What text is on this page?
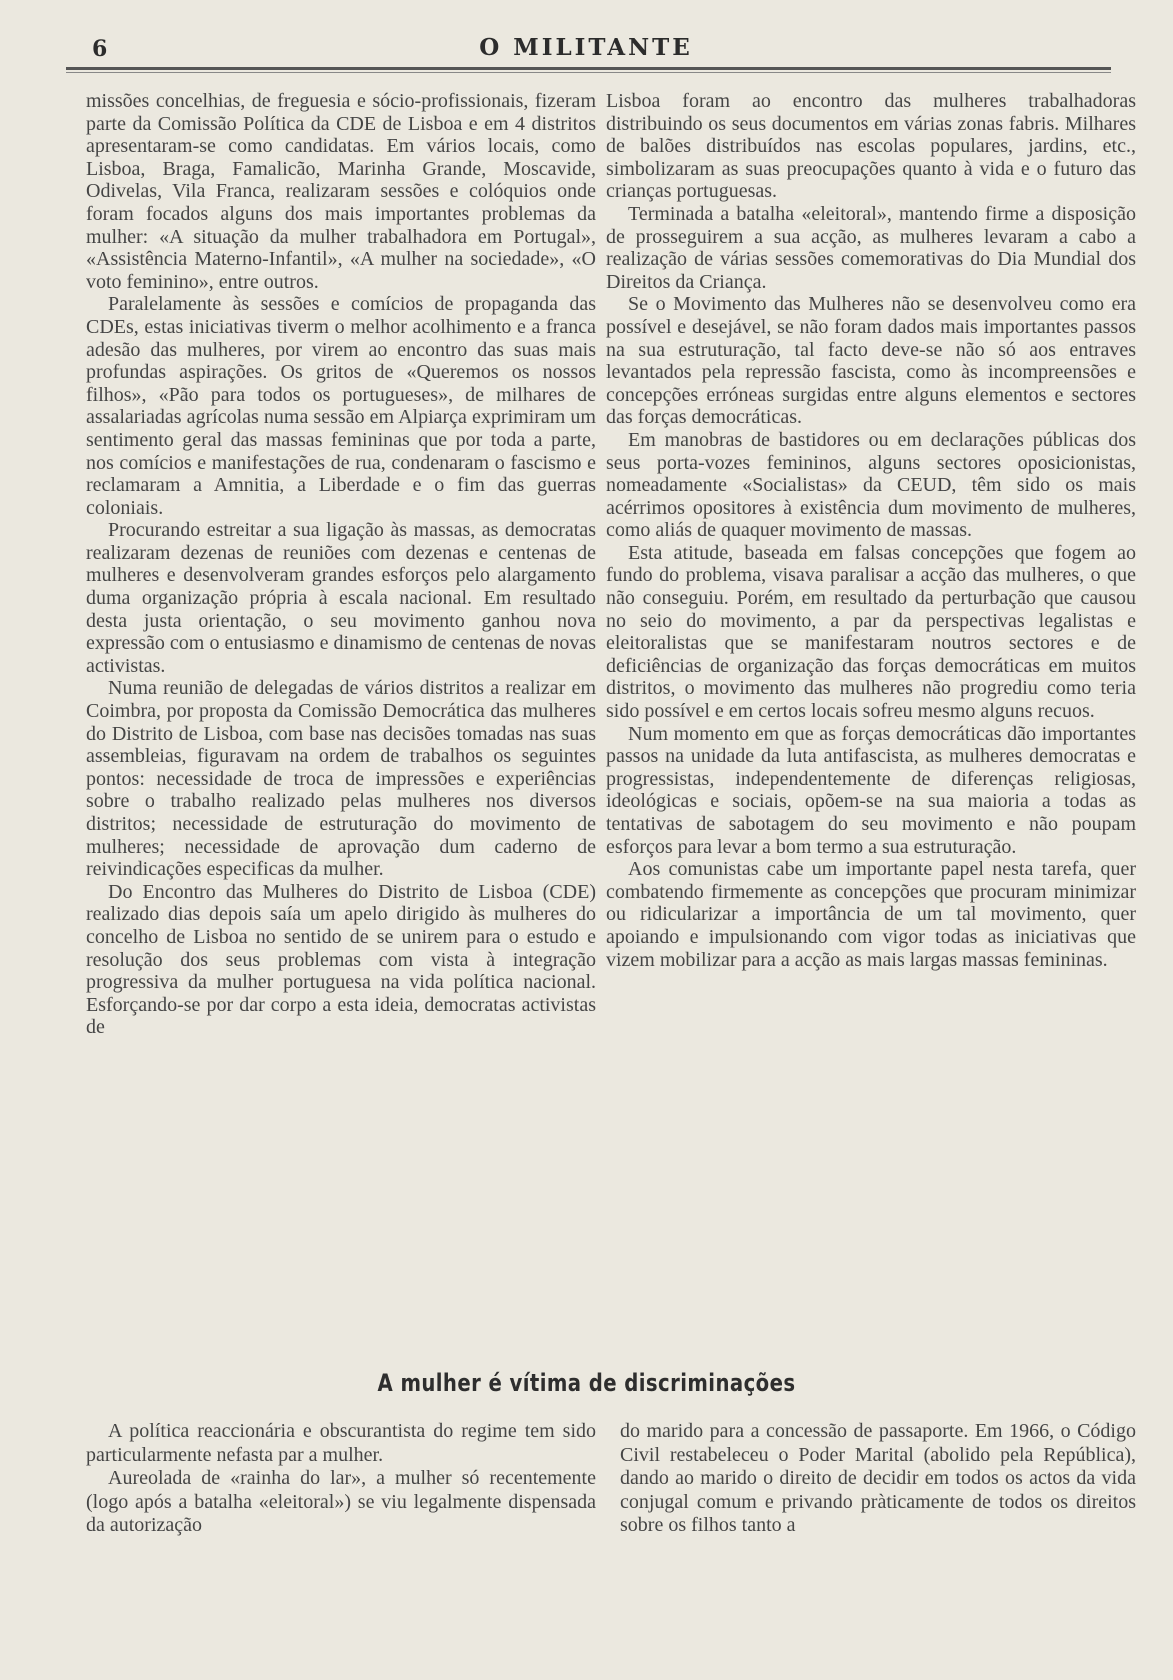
6	O MILITANTE

missões concelhias, de freguesia e sócio-profissionais, fizeram parte da Comissão Política da CDE de Lisboa e em 4 distritos apresentaram-se como candidatas. Em vários locais, como Lisboa, Braga, Famalicão, Marinha Grande, Moscavide, Odivelas, Vila Franca, realizaram sessões e colóquios onde foram focados alguns dos mais importantes problemas da mulher: «A situação da mulher trabalhadora em Portugal», «Assistência Materno-Infantil», «A mulher na sociedade», «O voto feminino», entre outros.

Paralelamente às sessões e comícios de propaganda das CDEs, estas iniciativas tiverm o melhor acolhimento e a franca adesão das mulheres, por virem ao encontro das suas mais profundas aspirações. Os gritos de «Queremos os nossos filhos», «Pão para todos os portugueses», de milhares de assalariadas agrícolas numa sessão em Alpiarça exprimiram um sentimento geral das massas femininas que por toda a parte, nos comícios e manifestações de rua, condenaram o fascismo e reclamaram a Amnitia, a Liberdade e o fim das guerras coloniais.

Procurando estreitar a sua ligação às massas, as democratas realizaram dezenas de reuniões com dezenas e centenas de mulheres e desenvolveram grandes esforços pelo alargamento duma organização própria à escala nacional. Em resultado desta justa orientação, o seu movimento ganhou nova expressão com o entusiasmo e dinamismo de centenas de novas activistas.

Numa reunião de delegadas de vários distritos a realizar em Coimbra, por proposta da Comissão Democrática das mulheres do Distrito de Lisboa, com base nas decisões tomadas nas suas assembleias, figuravam na ordem de trabalhos os seguintes pontos: necessidade de troca de impressões e experiências sobre o trabalho realizado pelas mulheres nos diversos distritos; necessidade de estruturação do movimento de mulheres; necessidade de aprovação dum caderno de reivindicações especificas da mulher.

Do Encontro das Mulheres do Distrito de Lisboa (CDE) realizado dias depois saía um apelo dirigido às mulheres do concelho de Lisboa no sentido de se unirem para o estudo e resolução dos seus problemas com vista à integração progressiva da mulher portuguesa na vida política nacional. Esforçando-se por dar corpo a esta ideia, democratas activistas de

Lisboa foram ao encontro das mulheres trabalhadoras distribuindo os seus documentos em várias zonas fabris. Milhares de balões distribuídos nas escolas populares, jardins, etc., simbolizaram as suas preocupações quanto à vida e o futuro das crianças portuguesas.

Terminada a batalha «eleitoral», mantendo firme a disposição de prosseguirem a sua acção, as mulheres levaram a cabo a realização de várias sessões comemorativas do Dia Mundial dos Direitos da Criança.

Se o Movimento das Mulheres não se desenvolveu como era possível e desejável, se não foram dados mais importantes passos na sua estruturação, tal facto deve-se não só aos entraves levantados pela repressão fascista, como às incompreensões e concepções erróneas surgidas entre alguns elementos e sectores das forças democráticas.

Em manobras de bastidores ou em declarações públicas dos seus porta-vozes femininos, alguns sectores oposicionistas, nomeadamente «Socialistas» da CEUD, têm sido os mais acérrimos opositores à existência dum movimento de mulheres, como aliás de quaquer movimento de massas.

Esta atitude, baseada em falsas concepções que fogem ao fundo do problema, visava paralisar a acção das mulheres, o que não conseguiu. Porém, em resultado da perturbação que causou no seio do movimento, a par da perspectivas legalistas e eleitoralistas que se manifestaram noutros sectores e de deficiências de organização das forças democráticas em muitos distritos, o movimento das mulheres não progrediu como teria sido possível e em certos locais sofreu mesmo alguns recuos.

Num momento em que as forças democráticas dão importantes passos na unidade da luta antifascista, as mulheres democratas e progressistas, independentemente de diferenças religiosas, ideológicas e sociais, opõem-se na sua maioria a todas as tentativas de sabotagem do seu movimento e não poupam esforços para levar a bom termo a sua estruturação.

Aos comunistas cabe um importante papel nesta tarefa, quer combatendo firmemente as concepções que procuram minimizar ou ridicularizar a importância de um tal movimento, quer apoiando e impulsionando com vigor todas as iniciativas que vizem mobilizar para a acção as mais largas massas femininas.

A mulher é vítima de discriminações

A política reaccionária e obscurantista do regime tem sido particularmente nefasta par a mulher.

Aureolada de «rainha do lar», a mulher só recentemente (logo após a batalha «eleitoral») se viu legalmente dispensada da autorização

do marido para a concessão de passaporte. Em 1966, o Código Civil restabeleceu o Poder Marital (abolido pela República), dando ao marido o direito de decidir em todos os actos da vida conjugal comum e privando pràticamente de todos os direitos sobre os filhos tanto a
